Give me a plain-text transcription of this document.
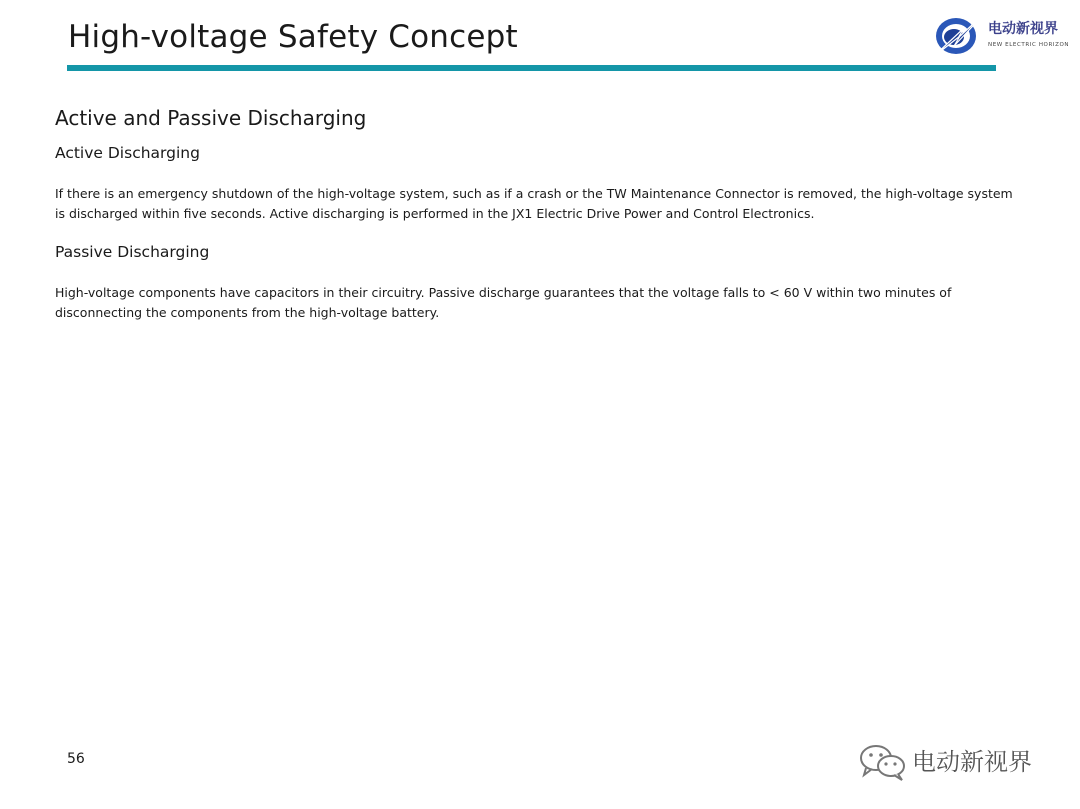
High-voltage Safety Concept	电动新视界
NEW ELECTRIC HORIZON
Active and Passive Discharging
Active Discharging
If there is an emergency shutdown of the high-voltage system, such as if a crash or the TW Maintenance Connector is removed, the high-voltage system is discharged within five seconds. Active discharging is performed in the JX1 Electric Drive Power and Control Electronics.
Passive Discharging
High-voltage components have capacitors in their circuitry. Passive discharge guarantees that the voltage falls to < 60 V within two minutes of disconnecting the components from the high-voltage battery.
56	电动新视界
